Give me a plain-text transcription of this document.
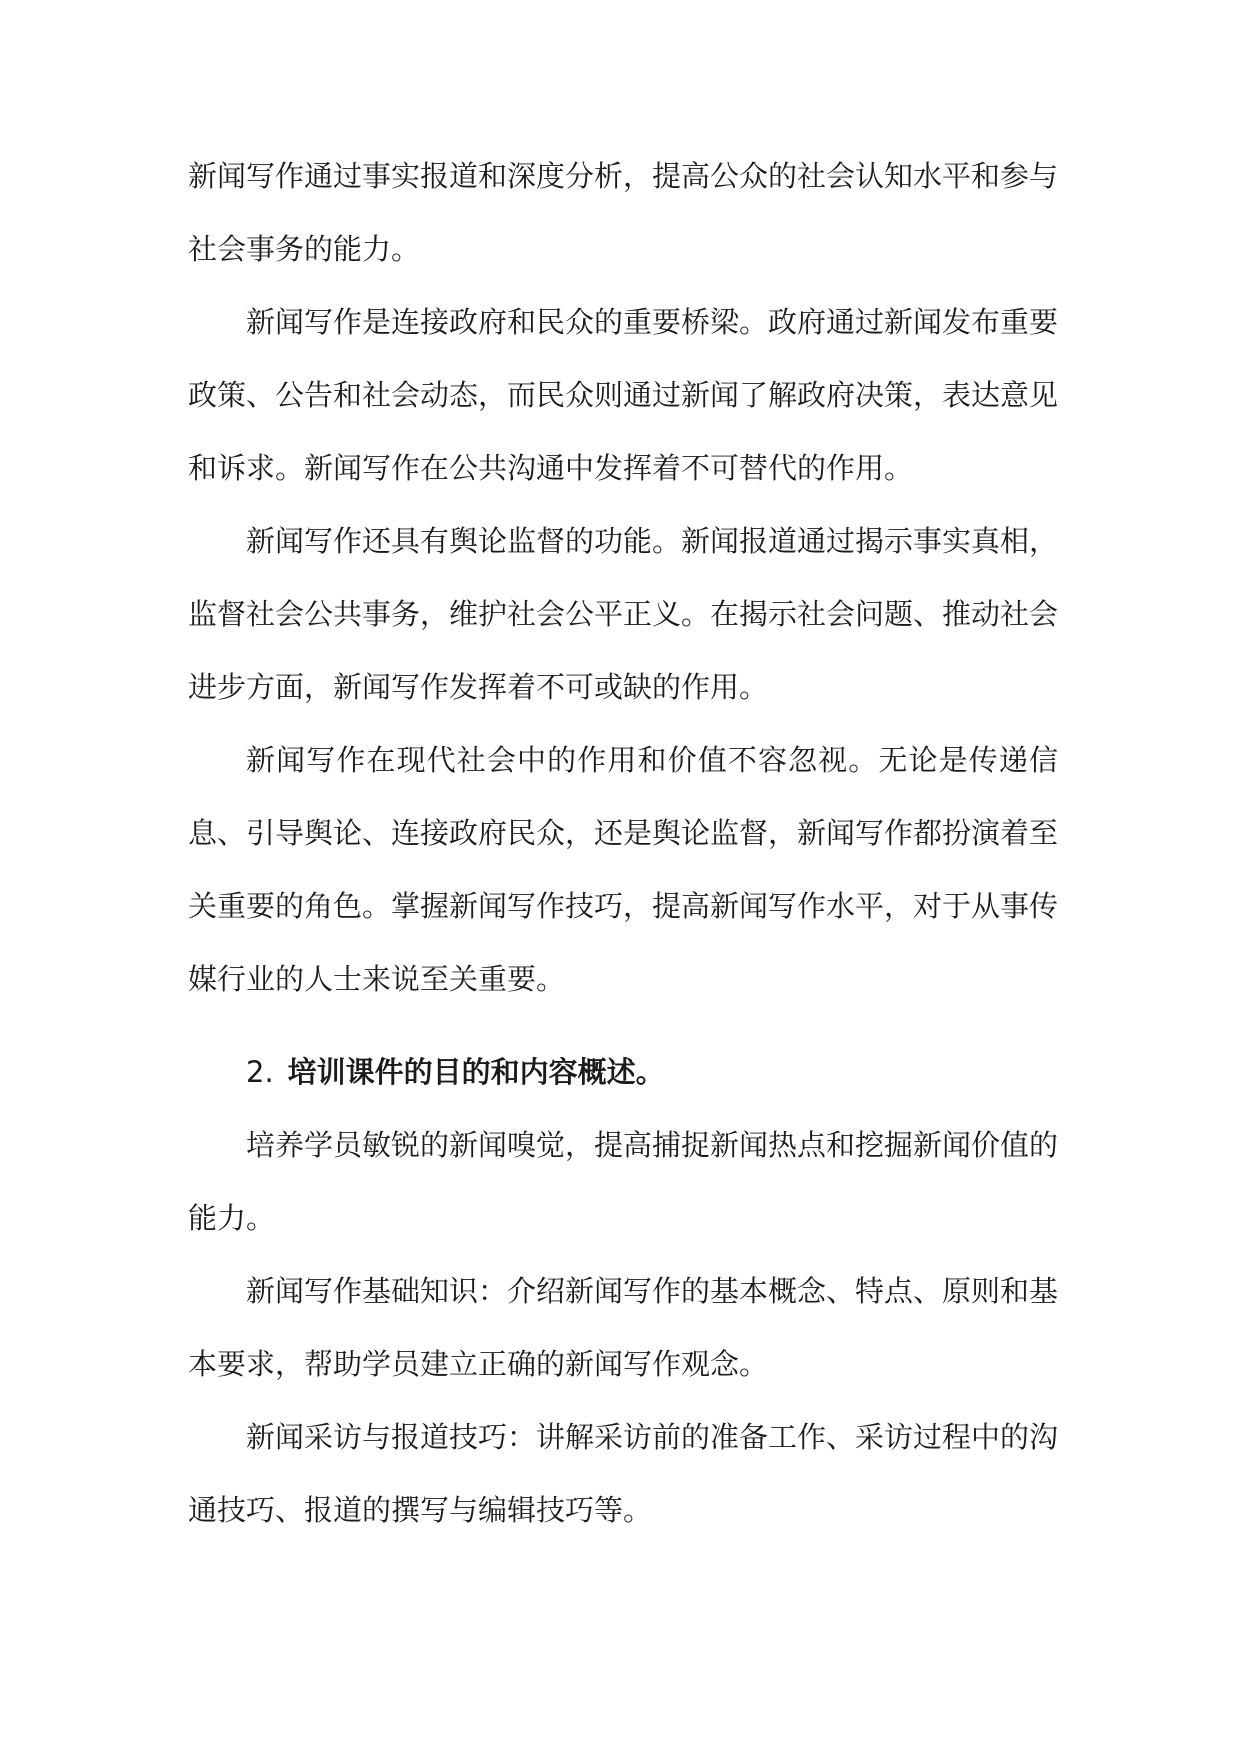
新闻写作通过事实报道和深度分析，提高公众的社会认知水平和参与社会事务的能力。

新闻写作是连接政府和民众的重要桥梁。政府通过新闻发布重要政策、公告和社会动态，而民众则通过新闻了解政府决策，表达意见和诉求。新闻写作在公共沟通中发挥着不可替代的作用。

新闻写作还具有舆论监督的功能。新闻报道通过揭示事实真相，监督社会公共事务，维护社会公平正义。在揭示社会问题、推动社会进步方面，新闻写作发挥着不可或缺的作用。

新闻写作在现代社会中的作用和价值不容忽视。无论是传递信息、引导舆论、连接政府民众，还是舆论监督，新闻写作都扮演着至关重要的角色。掌握新闻写作技巧，提高新闻写作水平，对于从事传媒行业的人士来说至关重要。

2. 培训课件的目的和内容概述。

培养学员敏锐的新闻嗅觉，提高捕捉新闻热点和挖掘新闻价值的能力。

新闻写作基础知识：介绍新闻写作的基本概念、特点、原则和基本要求，帮助学员建立正确的新闻写作观念。

新闻采访与报道技巧：讲解采访前的准备工作、采访过程中的沟通技巧、报道的撰写与编辑技巧等。
